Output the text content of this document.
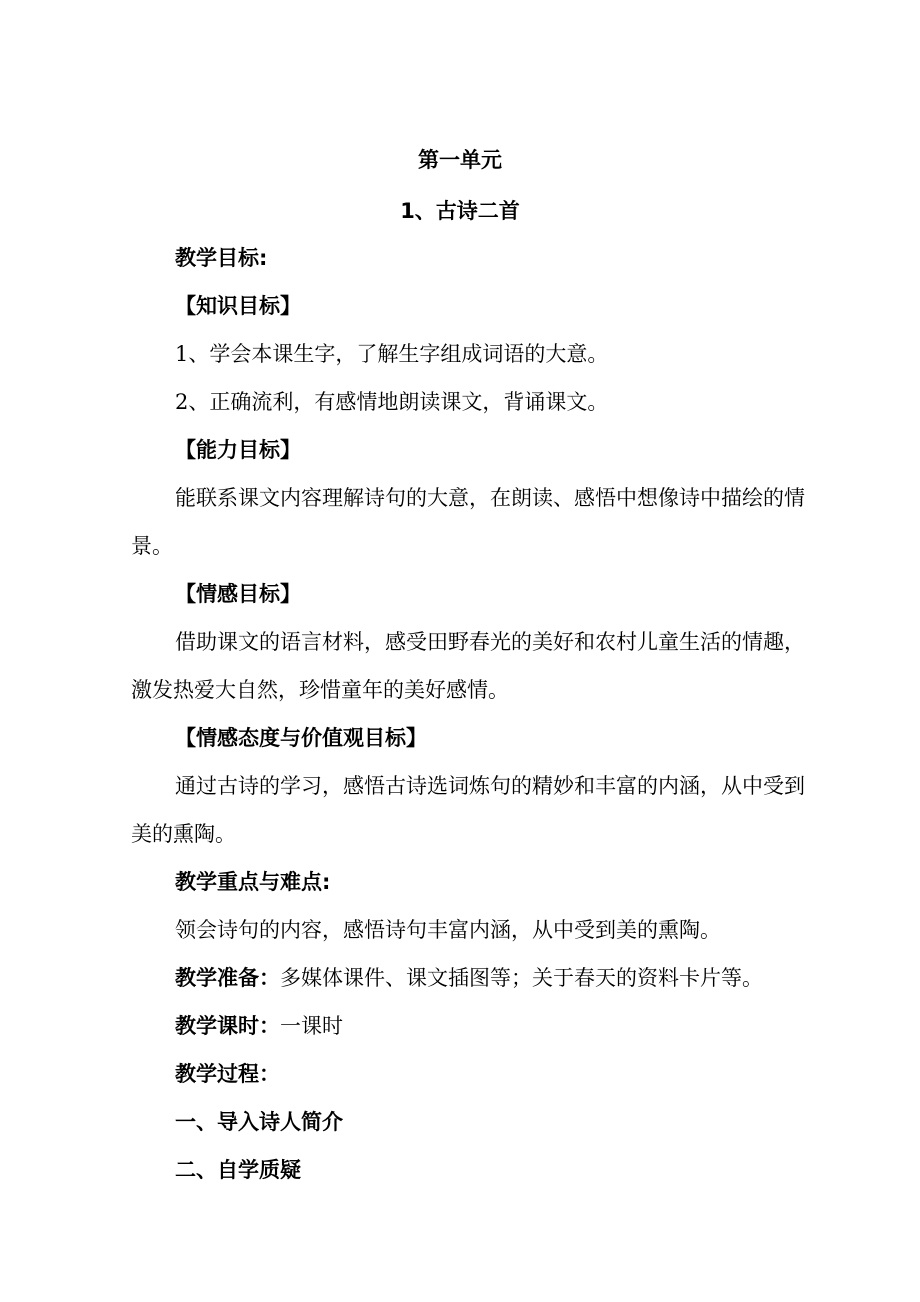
第一单元
1、古诗二首
教学目标:
【知识目标】
1、学会本课生字，了解生字组成词语的大意。
2、正确流利，有感情地朗读课文，背诵课文。
【能力目标】
能联系课文内容理解诗句的大意，在朗读、感悟中想像诗中描绘的情
景。
【情感目标】
借助课文的语言材料，感受田野春光的美好和农村儿童生活的情趣，
激发热爱大自然，珍惜童年的美好感情。
【情感态度与价值观目标】
通过古诗的学习，感悟古诗选词炼句的精妙和丰富的内涵，从中受到
美的熏陶。
教学重点与难点:
领会诗句的内容，感悟诗句丰富内涵，从中受到美的熏陶。
教学准备：多媒体课件、课文插图等；关于春天的资料卡片等。
教学课时：一课时
教学过程：
一、导入诗人简介
二、自学质疑
